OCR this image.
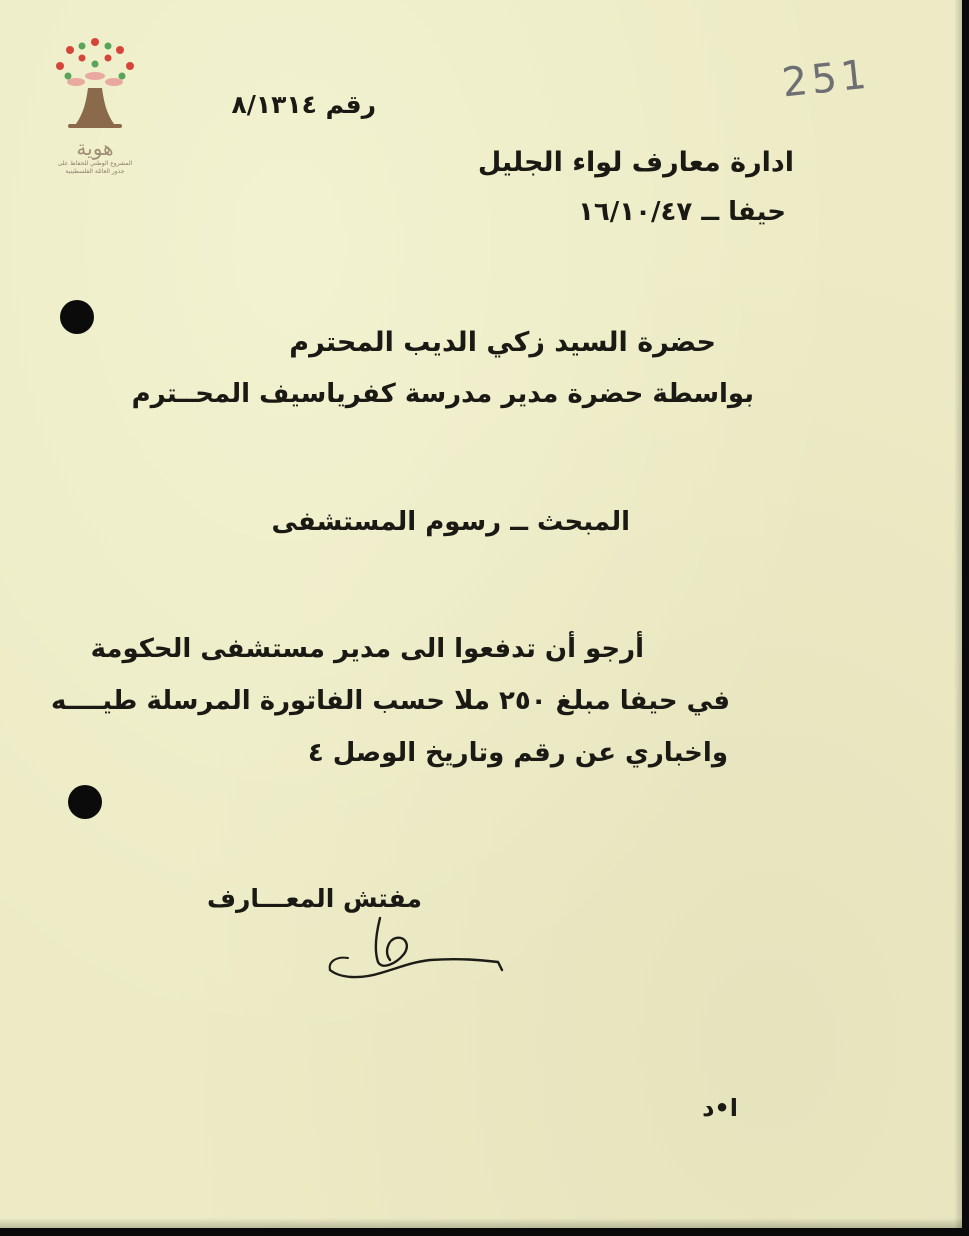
هوية
المشروع الوطني للحفاظ على
جذور العائلة الفلسطينية
251
رقم ٨/١٣١٤
ادارة معارف لواء الجليل
حيفا ــ ١٦/١٠/٤٧
حضرة السيد زكي الديب المحترم
بواسطة حضرة مدير مدرسة كفرياسيف المحــترم
المبحث ــ رسوم المستشفى
أرجو أن تدفعوا الى مدير مستشفى الحكومة
في حيفا مبلغ ٢٥٠ ملا حسب الفاتورة المرسلة طيــــه
واخباري عن رقم وتاريخ الوصل ٤
مفتش المعـــارف
ا•د
